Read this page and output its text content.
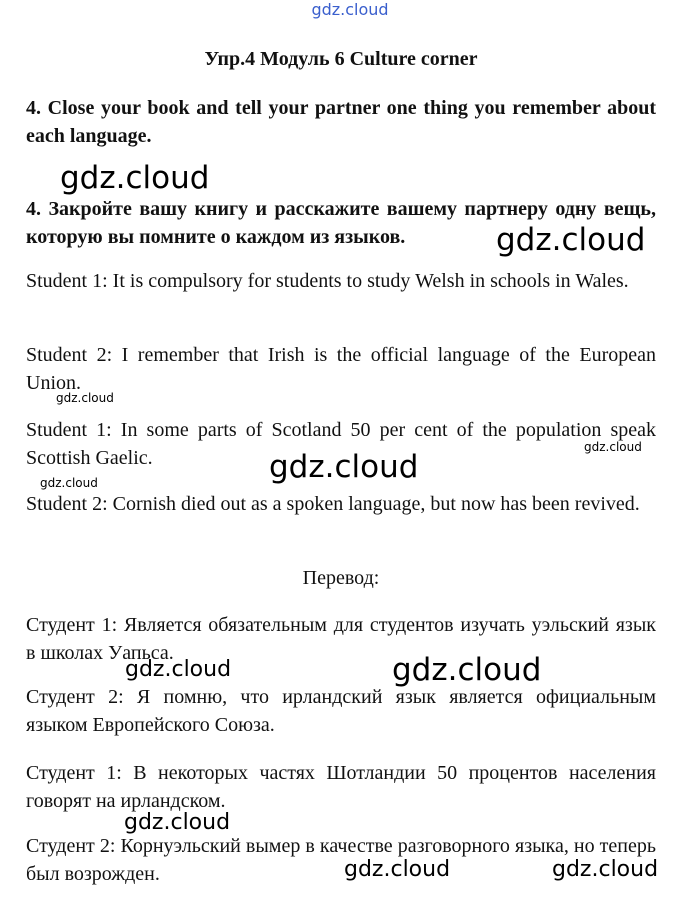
gdz.cloud
Упр.4 Модуль 6 Culture corner

4. Close your book and tell your partner one thing you remember about each language.

4. Закройте вашу книгу и расскажите вашему партнеру одну вещь, которую вы помните о каждом из языков.

Student 1: It is compulsory for students to study Welsh in schools in Wales.

Student 2: I remember that Irish is the official language of the European Union.

Student 1: In some parts of Scotland 50 per cent of the population speak Scottish Gaelic.

Student 2: Cornish died out as a spoken language, but now has been revived.

Перевод:

Студент 1: Является обязательным для студентов изучать уэльский язык в школах Уапьса.

Студент 2: Я помню, что ирландский язык является официальным языком Европейского Союза.

Студент 1: В некоторых частях Шотландии 50 процентов населения говорят на ирландском.

Студент 2: Корнуэльский вымер в качестве разговорного языка, но теперь был возрожден.

gdz.cloud
gdz.cloud
gdz.cloud
gdz.cloud
gdz.cloud
gdz.cloud
gdz.cloud
gdz.cloud
gdz.cloud
gdz.cloud	gdz.cloud
